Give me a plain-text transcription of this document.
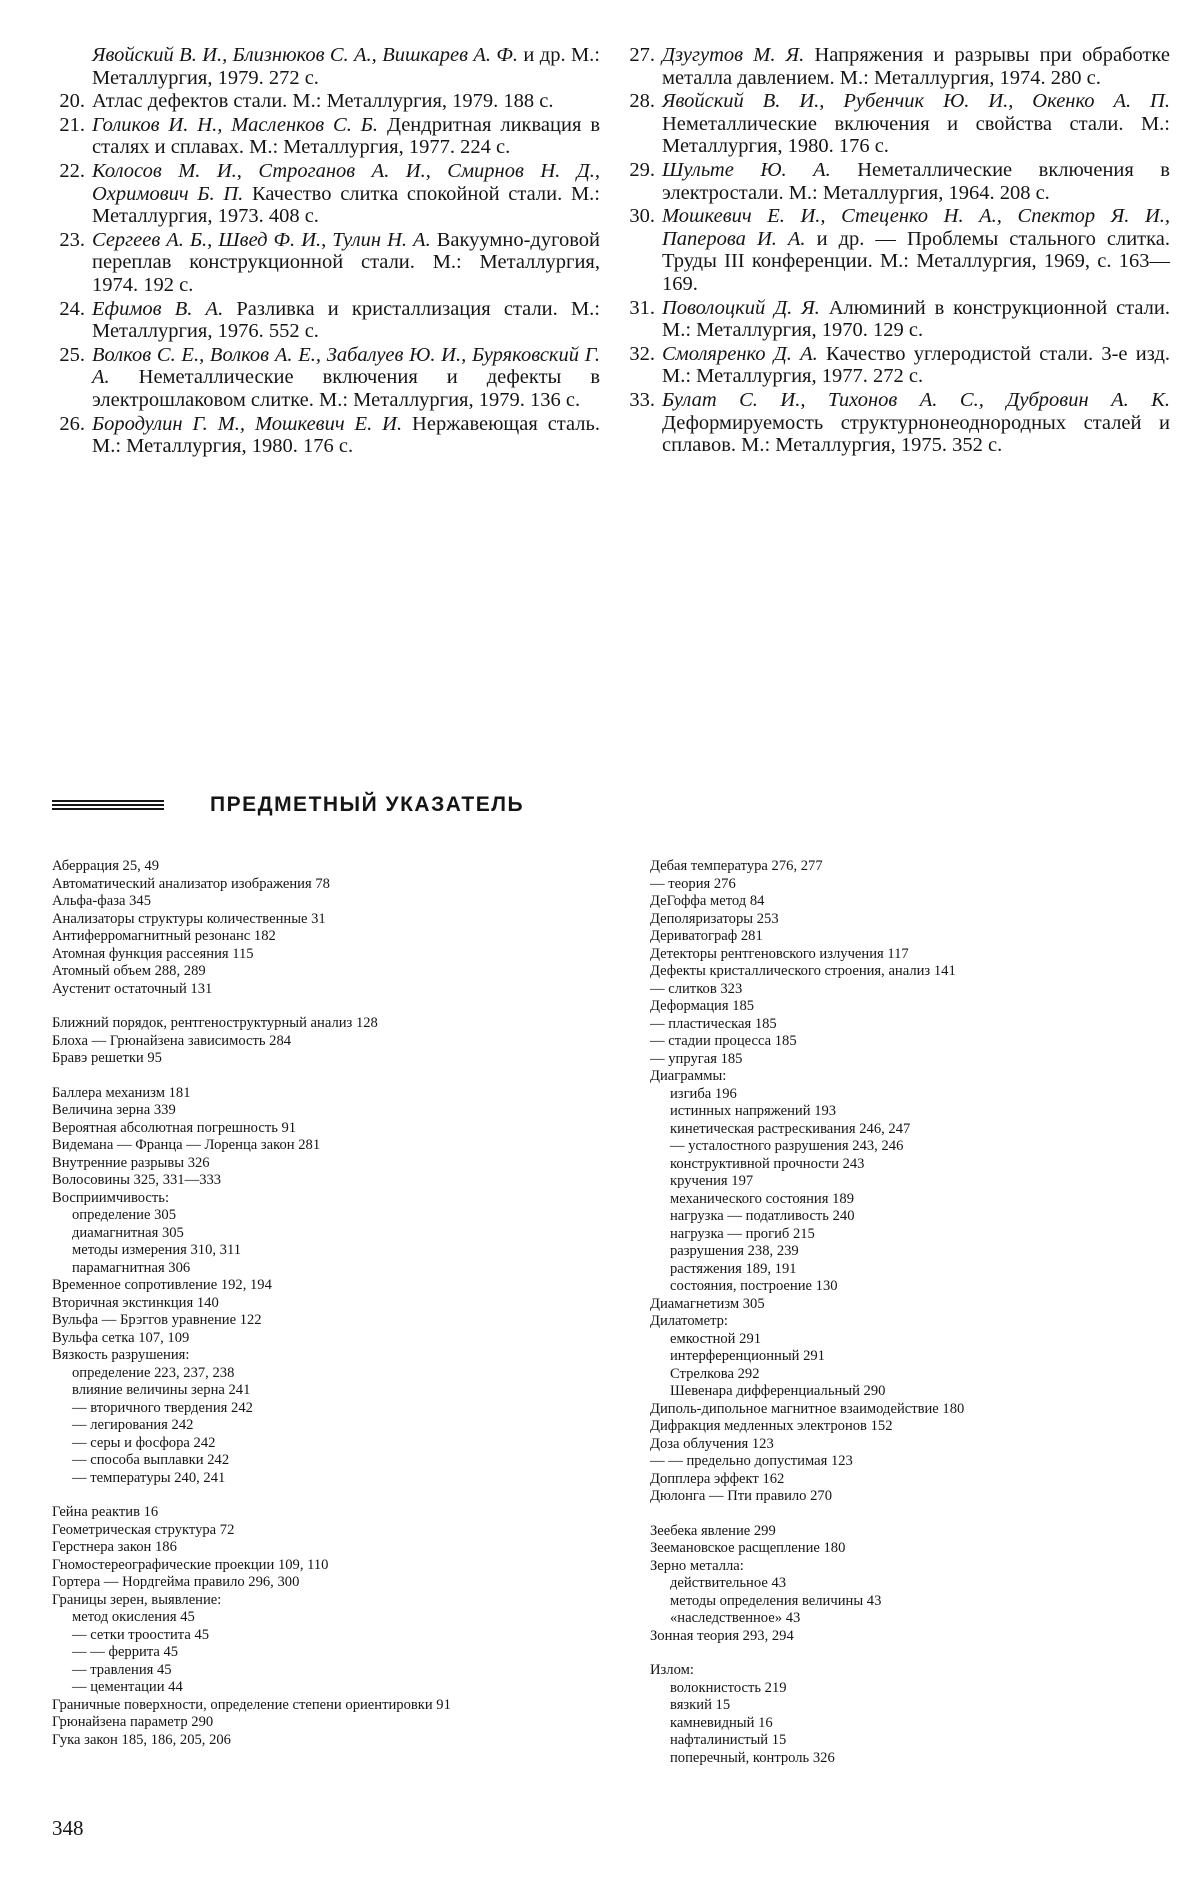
Явойский В. И., Близнюков С. А., Вишкарев А. Ф. и др. М.: Металлургия, 1979. 272 с.
20. Атлас дефектов стали. М.: Металлургия, 1979. 188 с.
21. Голиков И. Н., Масленков С. Б. Дендритная ликвация в сталях и сплавах. М.: Металлургия, 1977. 224 с.
22. Колосов М. И., Строганов А. И., Смирнов Н. Д., Охримович Б. П. Качество слитка спокойной стали. М.: Металлургия, 1973. 408 с.
23. Сергеев А. Б., Швед Ф. И., Тулин Н. А. Вакуумно-дуговой переплав конструкционной стали. М.: Металлургия, 1974. 192 с.
24. Ефимов В. А. Разливка и кристаллизация стали. М.: Металлургия, 1976. 552 с.
25. Волков С. Е., Волков А. Е., Забалуев Ю. И., Буряковский Г. А. Неметаллические включения и дефекты в электрошлаковом слитке. М.: Металлургия, 1979. 136 с.
26. Бородулин Г. М., Мошкевич Е. И. Нержавеющая сталь. М.: Металлургия, 1980. 176 с.
27. Дзугутов М. Я. Напряжения и разрывы при обработке металла давлением. М.: Металлургия, 1974. 280 с.
28. Явойский В. И., Рубенчик Ю. И., Окенко А. П. Неметаллические включения и свойства стали. М.: Металлургия, 1980. 176 с.
29. Шульте Ю. А. Неметаллические включения в электростали. М.: Металлургия, 1964. 208 с.
30. Мошкевич Е. И., Стеценко Н. А., Спектор Я. И., Паперова И. А. и др. — Проблемы стального слитка. Труды III конференции. М.: Металлургия, 1969, с. 163—169.
31. Поволоцкий Д. Я. Алюминий в конструкционной стали. М.: Металлургия, 1970. 129 с.
32. Смоляренко Д. А. Качество углеродистой стали. 3-е изд. М.: Металлургия, 1977. 272 с.
33. Булат С. И., Тихонов А. С., Дубровин А. К. Деформируемость структурнонеоднородных сталей и сплавов. М.: Металлургия, 1975. 352 с.
ПРЕДМЕТНЫЙ УКАЗАТЕЛЬ
Аберрация 25, 49
Автоматический анализатор изображения 78
Альфа-фаза 345
Анализаторы структуры количественные 31
Антиферромагнитный резонанс 182
Атомная функция рассеяния 115
Атомный объем 288, 289
Аустенит остаточный 131
Ближний порядок, рентгеноструктурный анализ 128
Блоха — Грюнайзена зависимость 284
Бравэ решетки 95
Баллера механизм 181
Величина зерна 339
Вероятная абсолютная погрешность 91
Видемана — Франца — Лоренца закон 281
Внутренние разрывы 326
Волосовины 325, 331—333
Восприимчивость:
определение 305
диамагнитная 305
методы измерения 310, 311
парамагнитная 306
Временное сопротивление 192, 194
Вторичная экстинкция 140
Вульфа — Брэггов уравнение 122
Вульфа сетка 107, 109
Вязкость разрушения:
определение 223, 237, 238
влияние величины зерна 241
— вторичного твердения 242
— легирования 242
— серы и фосфора 242
— способа выплавки 242
— температуры 240, 241
Гейна реактив 16
Геометрическая структура 72
Герстнера закон 186
Гномостереографические проекции 109, 110
Гортера — Нордгейма правило 296, 300
Границы зерен, выявление:
метод окисления 45
— сетки троостита 45
— — феррита 45
— травления 45
— цементации 44
Граничные поверхности, определение степени ориентировки 91
Грюнайзена параметр 290
Гука закон 185, 186, 205, 206
Дебая температура 276, 277
— теория 276
ДеГоффа метод 84
Деполяризаторы 253
Дериватограф 281
Детекторы рентгеновского излучения 117
Дефекты кристаллического строения, анализ 141
— слитков 323
Деформация 185
— пластическая 185
— стадии процесса 185
— упругая 185
Диаграммы:
изгиба 196
истинных напряжений 193
кинетическая растрескивания 246, 247
— усталостного разрушения 243, 246
конструктивной прочности 243
кручения 197
механического состояния 189
нагрузка — податливость 240
нагрузка — прогиб 215
разрушения 238, 239
растяжения 189, 191
состояния, построение 130
Диамагнетизм 305
Дилатометр:
емкостной 291
интерференционный 291
Стрелкова 292
Шевенара дифференциальный 290
Диполь-дипольное магнитное взаимодействие 180
Дифракция медленных электронов 152
Доза облучения 123
— — предельно допустимая 123
Допплера эффект 162
Дюлонга — Пти правило 270
Зеебека явление 299
Зеемановское расщепление 180
Зерно металла:
действительное 43
методы определения величины 43
«наследственное» 43
Зонная теория 293, 294
Излом:
волокнистость 219
вязкий 15
камневидный 16
нафталинистый 15
поперечный, контроль 326
348
